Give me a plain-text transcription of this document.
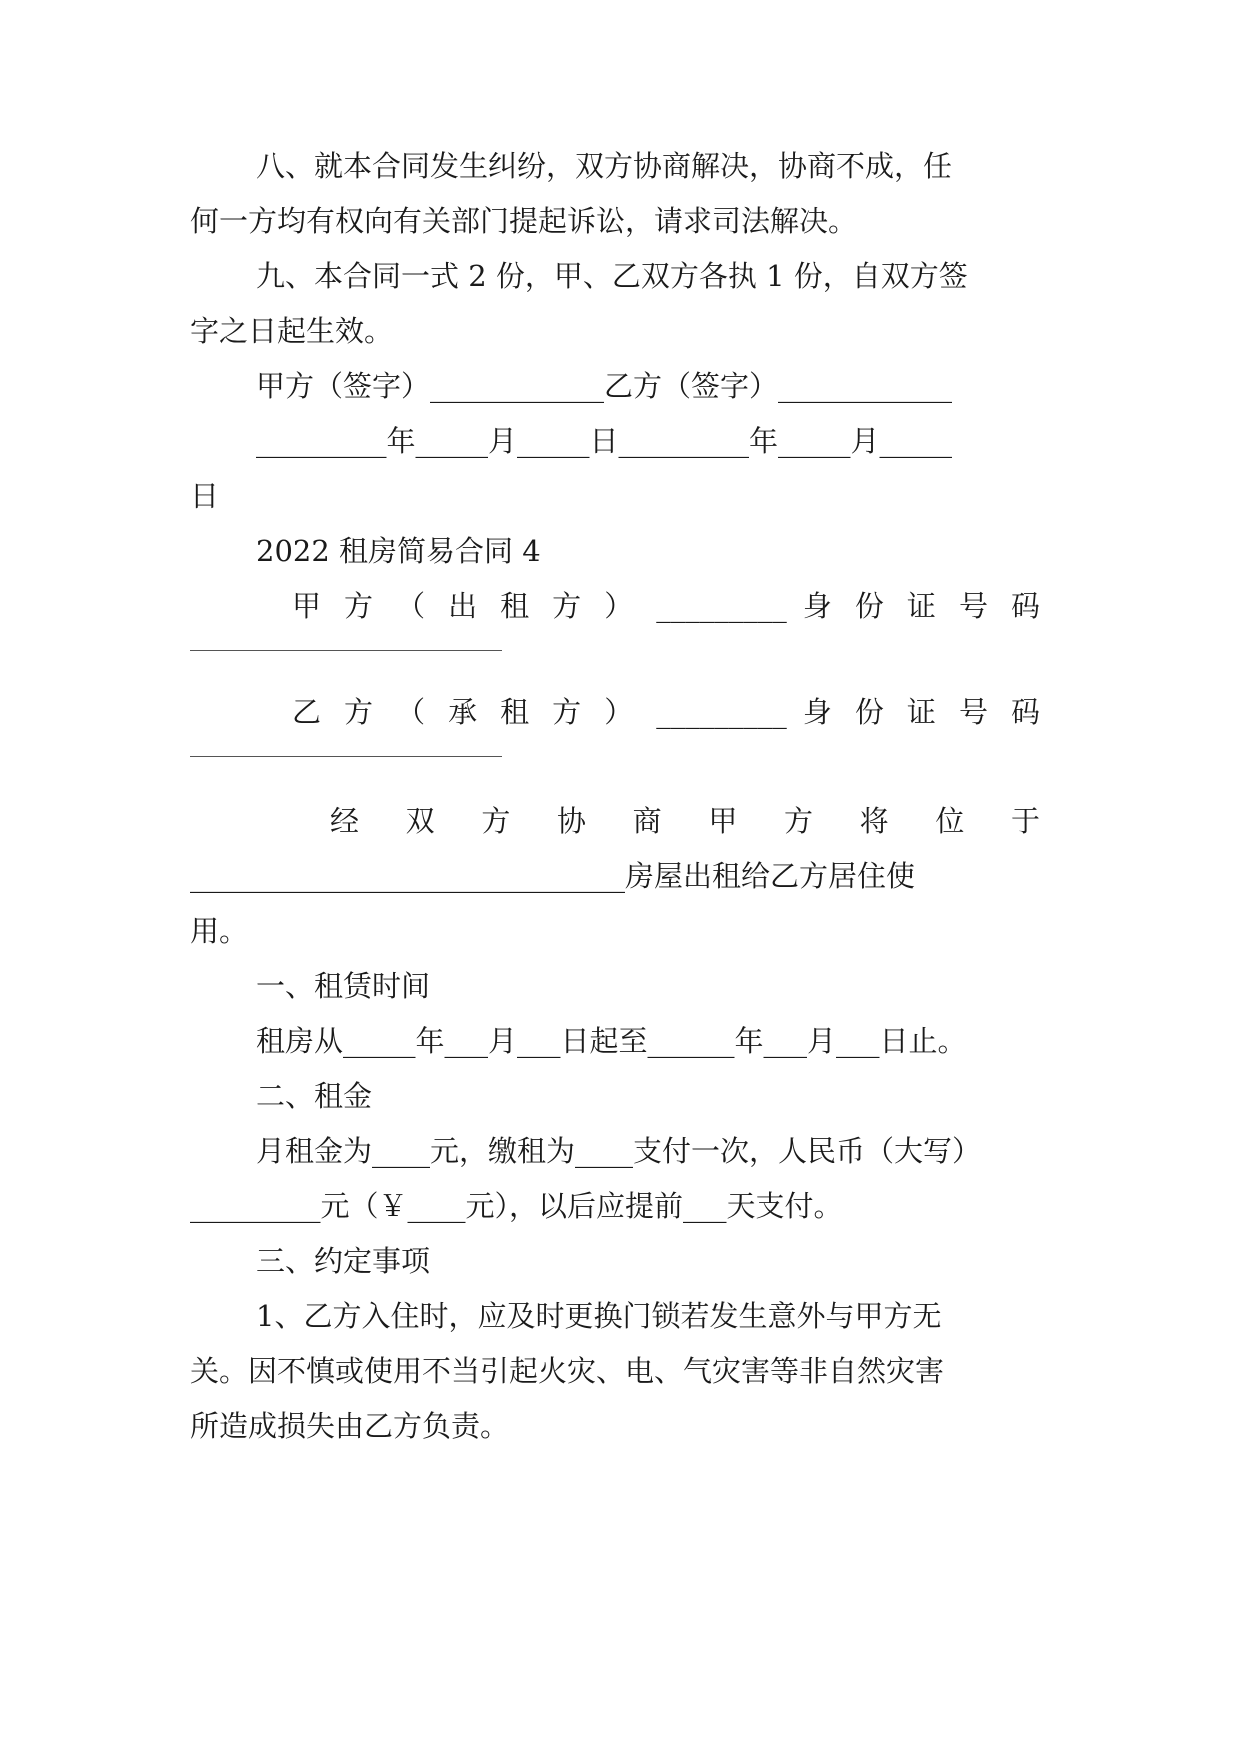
八、就本合同发生纠纷，双方协商解决，协商不成，任
何一方均有权向有关部门提起诉讼，请求司法解决。
九、本合同一式 2 份，甲、乙双方各执 1 份，自双方签
字之日起生效。
甲方（签字）____________乙方（签字）____________
_________年_____月_____日_________年_____月_____
日
2022 租房简易合同 4
甲 方 （ 出 租 方 ） _________ 身 份 证 号 码
乙 方 （ 承 租 方 ） _________ 身 份 证 号 码
经 双 方 协 商 甲 方 将 位 于
______________________________房屋出租给乙方居住使
用。
一、租赁时间
租房从_____年___月___日起至______年___月___日止。
二、租金
月租金为____元，缴租为____支付一次，人民币（大写）
_________元（￥____元），以后应提前___天支付。
三、约定事项
1、乙方入住时，应及时更换门锁若发生意外与甲方无
关。因不慎或使用不当引起火灾、电、气灾害等非自然灾害
所造成损失由乙方负责。
